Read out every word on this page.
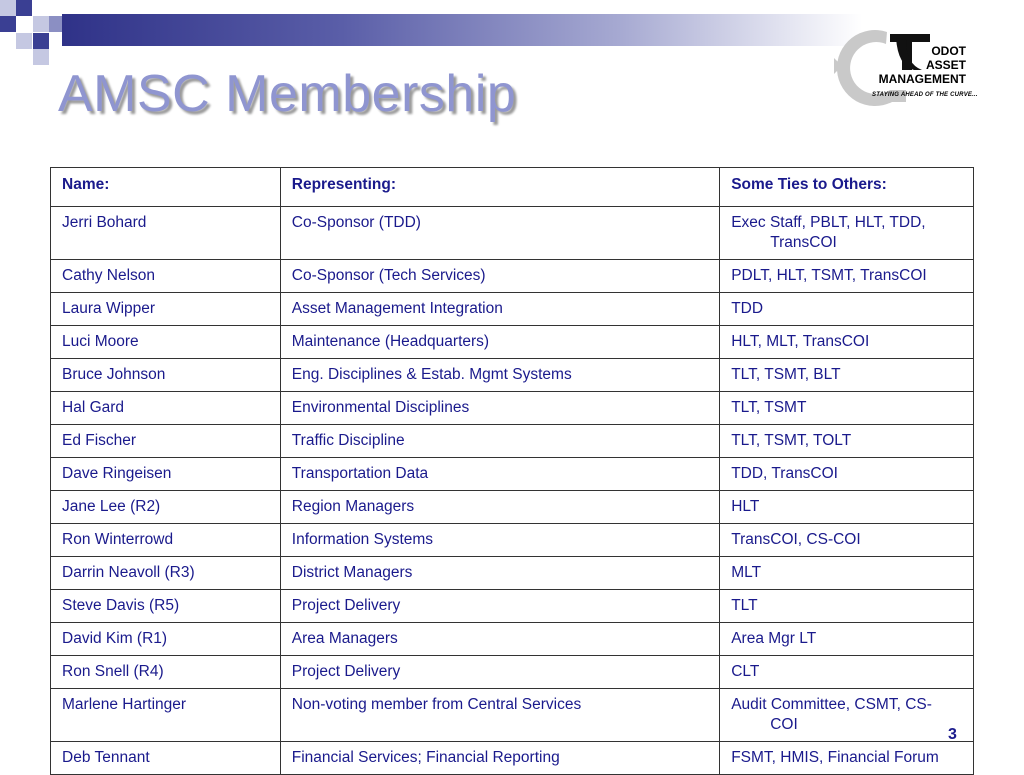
AMSC Membership
ODOT
ASSET
MANAGEMENT
STAYING AHEAD OF THE CURVE...
Name:	Representing:	Some Ties to Others:
Jerri Bohard	Co-Sponsor (TDD)	Exec Staff, PBLT, HLT, TDD,
TransCOI

Cathy Nelson	Co-Sponsor (Tech Services)	PDLT, HLT, TSMT, TransCOI
Laura Wipper	Asset Management Integration	TDD
Luci Moore	Maintenance (Headquarters)	HLT, MLT, TransCOI
Bruce Johnson	Eng. Disciplines & Estab. Mgmt Systems	TLT, TSMT, BLT
Hal Gard	Environmental Disciplines	TLT, TSMT
Ed Fischer	Traffic Discipline	TLT, TSMT, TOLT
Dave Ringeisen	Transportation Data	TDD, TransCOI
Jane Lee (R2)	Region Managers	HLT
Ron Winterrowd	Information Systems	TransCOI, CS-COI
Darrin Neavoll (R3)	District Managers	MLT
Steve Davis (R5)	Project Delivery	TLT
David Kim (R1)	Area Managers	Area Mgr LT
Ron Snell (R4)	Project Delivery	CLT
Marlene Hartinger	Non-voting member from Central Services	Audit Committee, CSMT, CS-
COI

Deb Tennant	Financial Services; Financial Reporting	FSMT, HMIS, Financial Forum
3
